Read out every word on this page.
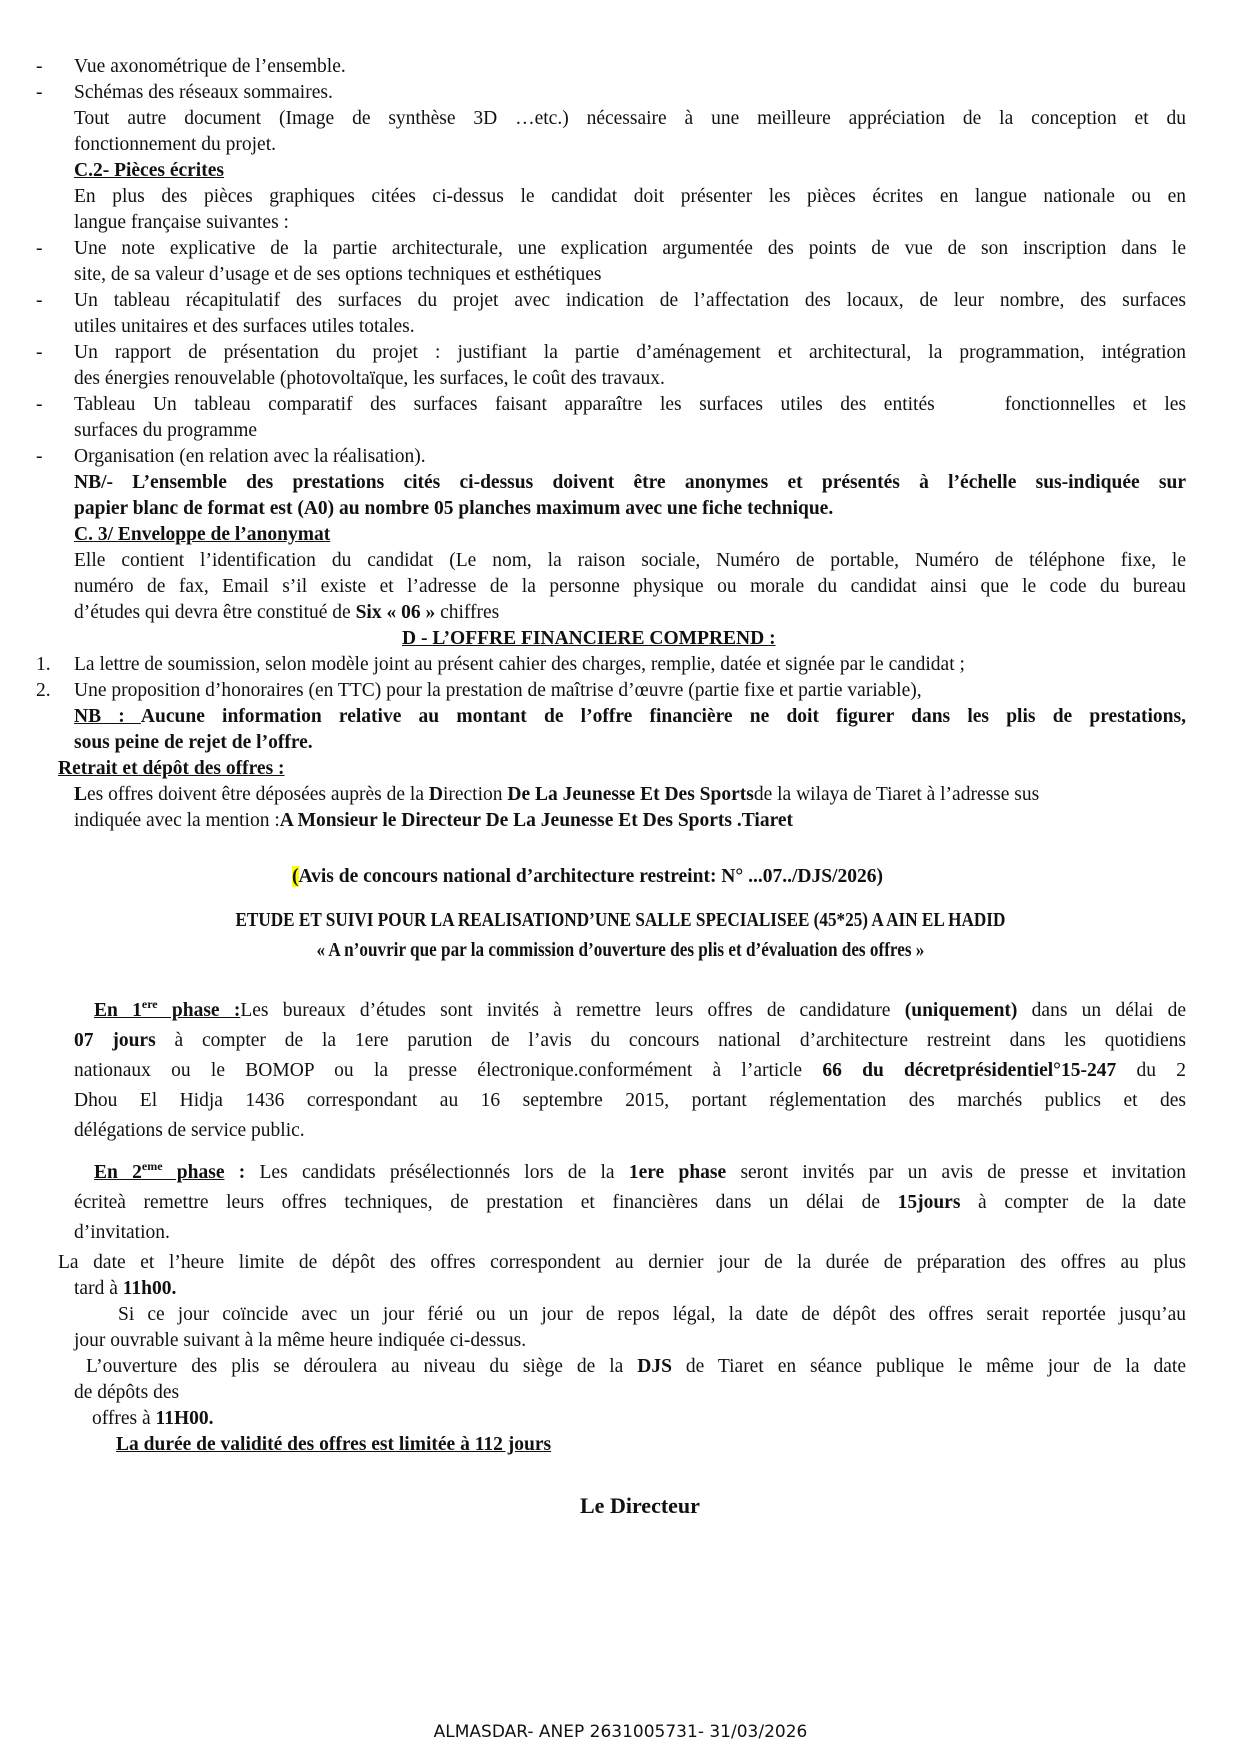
- Vue axonométrique de l’ensemble.
- Schémas des réseaux sommaires.
Tout autre document (Image de synthèse 3D …etc.) nécessaire à une meilleure appréciation de la conception et du
fonctionnement du projet.
C.2- Pièces écrites
En plus des pièces graphiques citées ci-dessus le candidat doit présenter les pièces écrites en langue nationale ou en
langue française suivantes :
- Une note explicative de la partie architecturale, une explication argumentée des points de vue de son inscription dans le
site, de sa valeur d’usage et de ses options techniques et esthétiques
- Un tableau récapitulatif des surfaces du projet avec indication de l’affectation des locaux, de leur nombre, des surfaces
utiles unitaires et des surfaces utiles totales.
- Un rapport de présentation du projet : justifiant la partie d’aménagement et architectural, la programmation, intégration
des énergies renouvelable (photovoltaïque, les surfaces, le coût des travaux.
- Tableau Un tableau comparatif des surfaces faisant apparaître les surfaces utiles des entités    fonctionnelles et les
surfaces du programme
- Organisation (en relation avec la réalisation).
NB/- L’ensemble des prestations cités ci-dessus doivent être anonymes et présentés à l’échelle sus-indiquée sur
papier blanc de format est (A0) au nombre 05 planches maximum avec une fiche technique.
C. 3/ Enveloppe de l’anonymat
Elle contient l’identification du candidat (Le nom, la raison sociale, Numéro de portable, Numéro de téléphone fixe, le
numéro de fax, Email s’il existe et l’adresse de la personne physique ou morale du candidat ainsi que le code du bureau
d’études qui devra être constitué de Six « 06 » chiffres
D - L’OFFRE FINANCIERE COMPREND :
1. La lettre de soumission, selon modèle joint au présent cahier des charges, remplie, datée et signée par le candidat ;
2. Une proposition d’honoraires (en TTC) pour la prestation de maîtrise d’œuvre (partie fixe et partie variable),
NB : Aucune information relative au montant de l’offre financière ne doit figurer dans les plis de prestations,
sous peine de rejet de l’offre.
Retrait et dépôt des offres :
Les offres doivent être déposées auprès de la Direction De La Jeunesse Et Des Sportsde la wilaya de Tiaret à l’adresse sus
indiquée avec la mention :A Monsieur le Directeur De La Jeunesse Et Des Sports .Tiaret
(Avis de concours national d’architecture restreint: N° ...07../DJS/2026)
ETUDE ET SUIVI POUR LA REALISATIOND’UNE SALLE SPECIALISEE (45*25) A AIN EL HADID
« A n’ouvrir que par la commission d’ouverture des plis et d’évaluation des offres »
En 1ere phase :Les bureaux d’études sont invités à remettre leurs offres de candidature (uniquement) dans un délai de
07 jours à compter de la 1ere parution de l’avis du concours national d’architecture restreint dans les quotidiens
nationaux ou le BOMOP ou la presse électronique.conformément à l’article 66 du décretprésidentiel°15-247 du 2
Dhou El Hidja 1436 correspondant au 16 septembre 2015, portant réglementation des marchés publics et des
délégations de service public.
En 2eme phase : Les candidats présélectionnés lors de la 1ere phase seront invités par un avis de presse et invitation
écriteà remettre leurs offres techniques, de prestation et financières dans un délai de 15jours à compter de la date
d’invitation.
La date et l’heure limite de dépôt des offres correspondent au dernier jour de la durée de préparation des offres au plus
tard à 11h00.
Si ce jour coïncide avec un jour férié ou un jour de repos légal, la date de dépôt des offres serait reportée jusqu’au
jour ouvrable suivant à la même heure indiquée ci-dessus.
L’ouverture des plis se déroulera au niveau du siège de la DJS de Tiaret en séance publique le même jour de la date
de dépôts des
offres à 11H00.
La durée de validité des offres est limitée à 112 jours
Le Directeur
ALMASDAR- ANEP 2631005731- 31/03/2026
